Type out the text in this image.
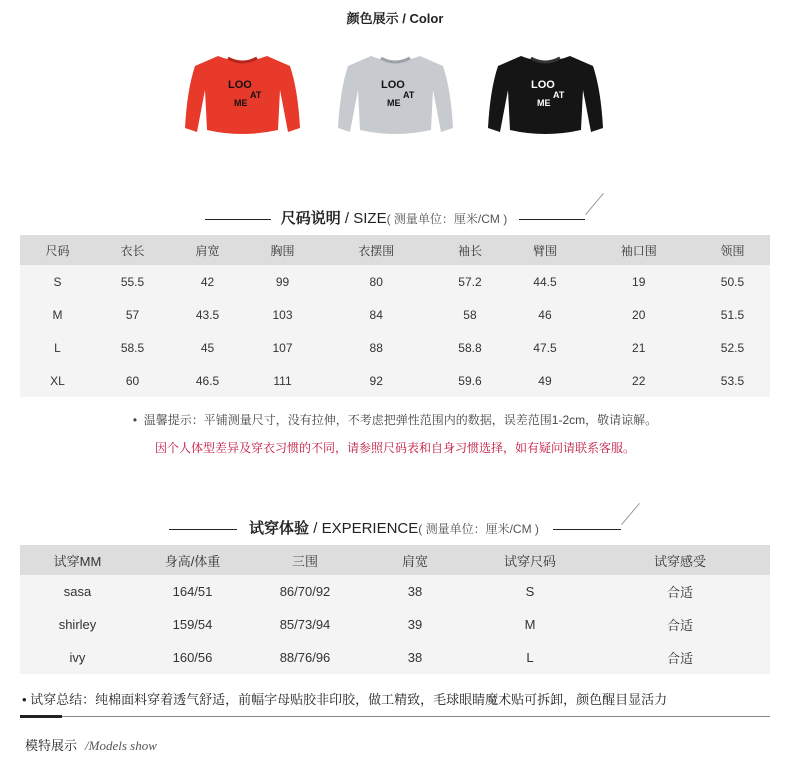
颜色展示 / Color
LOO
AT
ME
LOO
AT
ME
LOO
AT
ME
尺码说明 / SIZE( 测量单位：厘米/CM )
尺码	衣长	肩宽	胸围	衣摆围	袖长	臂围	袖口围	领围
S	55.5	42	99	80	57.2	44.5	19	50.5
M	57	43.5	103	84	58	46	20	51.5
L	58.5	45	107	88	58.8	47.5	21	52.5
XL	60	46.5	111	92	59.6	49	22	53.5
•  温馨提示：平铺测量尺寸，没有拉伸，不考虑把弹性范围内的数据，误差范围1-2cm，敬请谅解。
因个人体型差异及穿衣习惯的不同，请参照尺码表和自身习惯选择，如有疑问请联系客服。
试穿体验 / EXPERIENCE( 测量单位：厘米/CM )
试穿MM	身高/体重	三围	肩宽	试穿尺码	试穿感受
sasa	164/51	86/70/92	38	S	合适
shirley	159/54	85/73/94	39	M	合适
ivy	160/56	88/76/96	38	L	合适
• 试穿总结：纯棉面料穿着透气舒适，前幅字母贴胶非印胶，做工精致，毛球眼睛魔术贴可拆卸，颜色醒目显活力
模特展示 /Models show
